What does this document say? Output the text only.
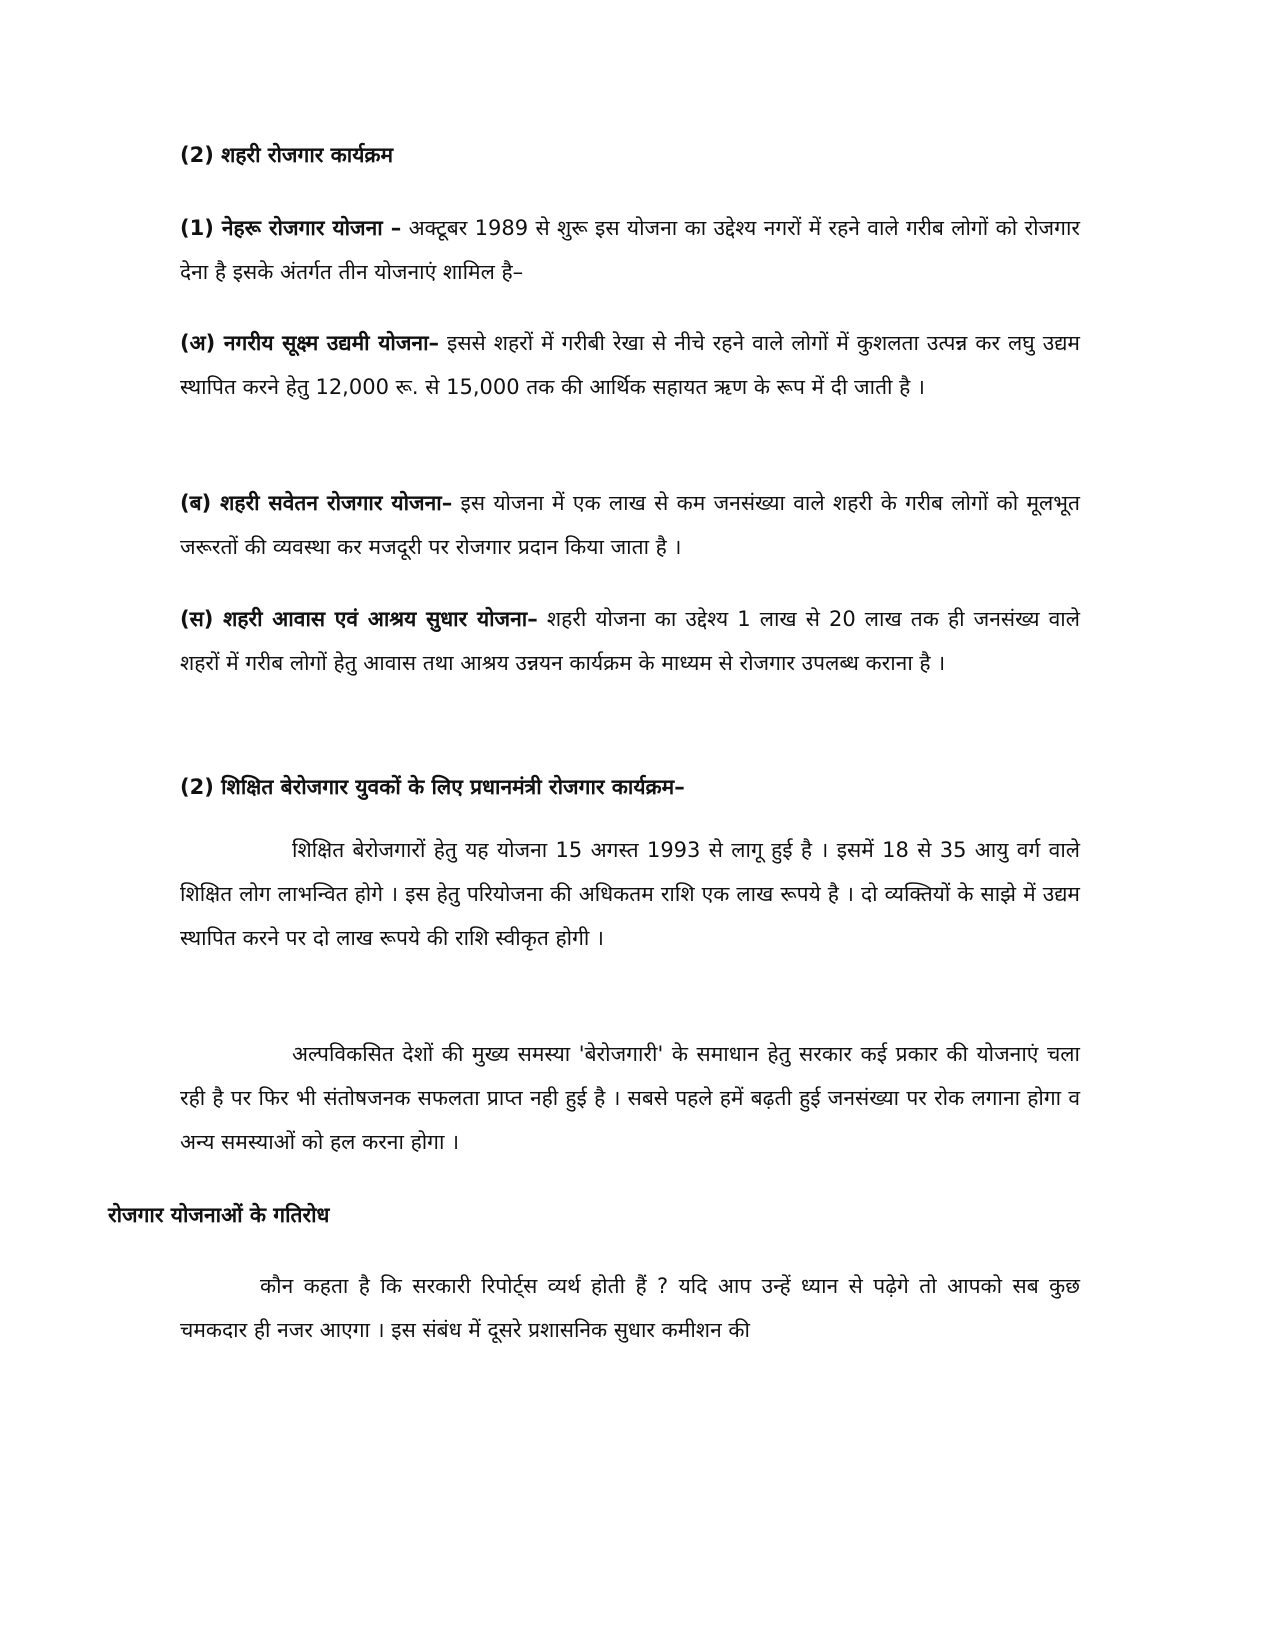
(2) शहरी रोजगार कार्यक्रम

(1) नेहरू रोजगार योजना – अक्टूबर 1989 से शुरू इस योजना का उद्देश्य नगरों में रहने वाले गरीब लोगों को रोजगार देना है इसके अंतर्गत तीन योजनाएं शामिल है–

(अ) नगरीय सूक्ष्म उद्यमी योजना– इससे शहरों में गरीबी रेखा से नीचे रहने वाले लोगों में कुशलता उत्पन्न कर लघु उद्यम स्थापित करने हेतु 12,000 रू. से 15,000 तक की आर्थिक सहायत ऋण के रूप में दी जाती है ।

(ब) शहरी सवेतन रोजगार योजना– इस योजना में एक लाख से कम जनसंख्या वाले शहरी के गरीब लोगों को मूलभूत जरूरतों की व्यवस्था कर मजदूरी पर रोजगार प्रदान किया जाता है ।

(स) शहरी आवास एवं आश्रय सुधार योजना– शहरी योजना का उद्देश्य 1 लाख से 20 लाख तक ही जनसंख्य वाले शहरों में गरीब लोगों हेतु आवास तथा आश्रय उन्नयन कार्यक्रम के माध्यम से रोजगार उपलब्ध कराना है ।

(2) शिक्षित बेरोजगार युवकों के लिए प्रधानमंत्री रोजगार कार्यक्रम–

शिक्षित बेरोजगारों हेतु यह योजना 15 अगस्त 1993 से लागू हुई है । इसमें 18 से 35 आयु वर्ग वाले शिक्षित लोग लाभन्वित होगे । इस हेतु परियोजना की अधिकतम राशि एक लाख रूपये है । दो व्यक्तियों के साझे में उद्यम स्थापित करने पर दो लाख रूपये की राशि स्वीकृत होगी ।

अल्पविकसित देशों की मुख्य समस्या 'बेरोजगारी' के समाधान हेतु सरकार कई प्रकार की योजनाएं चला रही है पर फिर भी संतोषजनक सफलता प्राप्त नही हुई है । सबसे पहले हमें बढ़ती हुई जनसंख्या पर रोक लगाना होगा व अन्य समस्याओं को हल करना होगा ।

रोजगार योजनाओं के गतिरोध

कौन कहता है कि सरकारी रिपोर्ट्स व्यर्थ होती हैं ? यदि आप उन्हें ध्यान से पढ़ेगे तो आपको सब कुछ चमकदार ही नजर आएगा । इस संबंध में दूसरे प्रशासनिक सुधार कमीशन की
